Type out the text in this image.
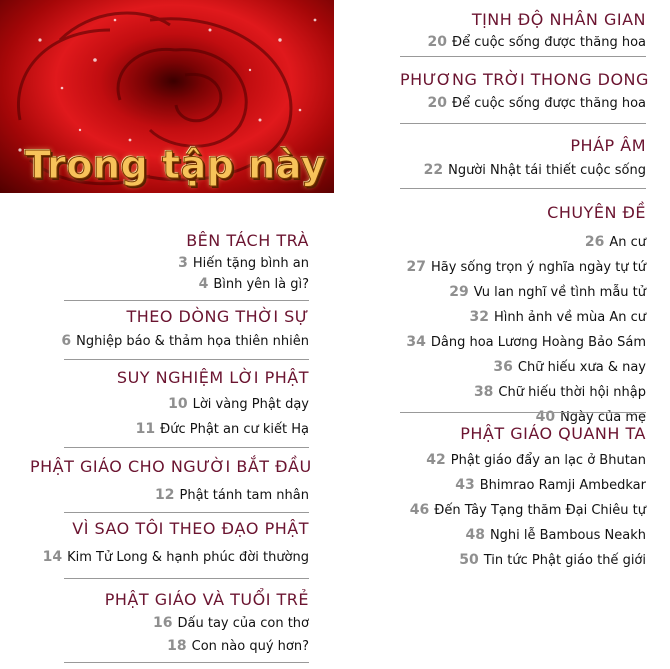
Trong tập này
TỊNH ĐỘ NHÂN GIAN
20 Để cuộc sống được thăng hoa
PHƯƠNG TRỜI THONG DONG
20 Để cuộc sống được thăng hoa
PHÁP ÂM
22 Người Nhật tái thiết cuộc sống
CHUYÊN ĐỀ
26 An cư
27 Hãy sống trọn ý nghĩa ngày tự tứ
29 Vu lan nghĩ về tình mẫu tử
32 Hình ảnh về mùa An cư
34 Dâng hoa Lương Hoàng Bảo Sám
36 Chữ hiếu xưa & nay
38 Chữ hiếu thời hội nhập
40 Ngày của mẹ
PHẬT GIÁO QUANH TA
42 Phật giáo đẩy an lạc ở Bhutan
43 Bhimrao Ramji Ambedkar
46 Đến Tây Tạng thăm Đại Chiêu tự
48 Nghi lễ Bambous Neakh
50 Tin tức Phật giáo thế giới
BÊN TÁCH TRÀ
3 Hiến tặng bình an
4 Bình yên là gì?
THEO DÒNG THỜI SỰ
6 Nghiệp báo & thảm họa thiên nhiên
SUY NGHIỆM LỜI PHẬT
10 Lời vàng Phật dạy
11 Đức Phật an cư kiết Hạ
PHẬT GIÁO CHO NGƯỜI BẮT ĐẦU
12 Phật tánh tam nhân
VÌ SAO TÔI THEO ĐẠO PHẬT
14 Kim Tử Long & hạnh phúc đời thường
PHẬT GIÁO VÀ TUỔI TRẺ
16 Dấu tay của con thơ
18 Con nào quý hơn?
